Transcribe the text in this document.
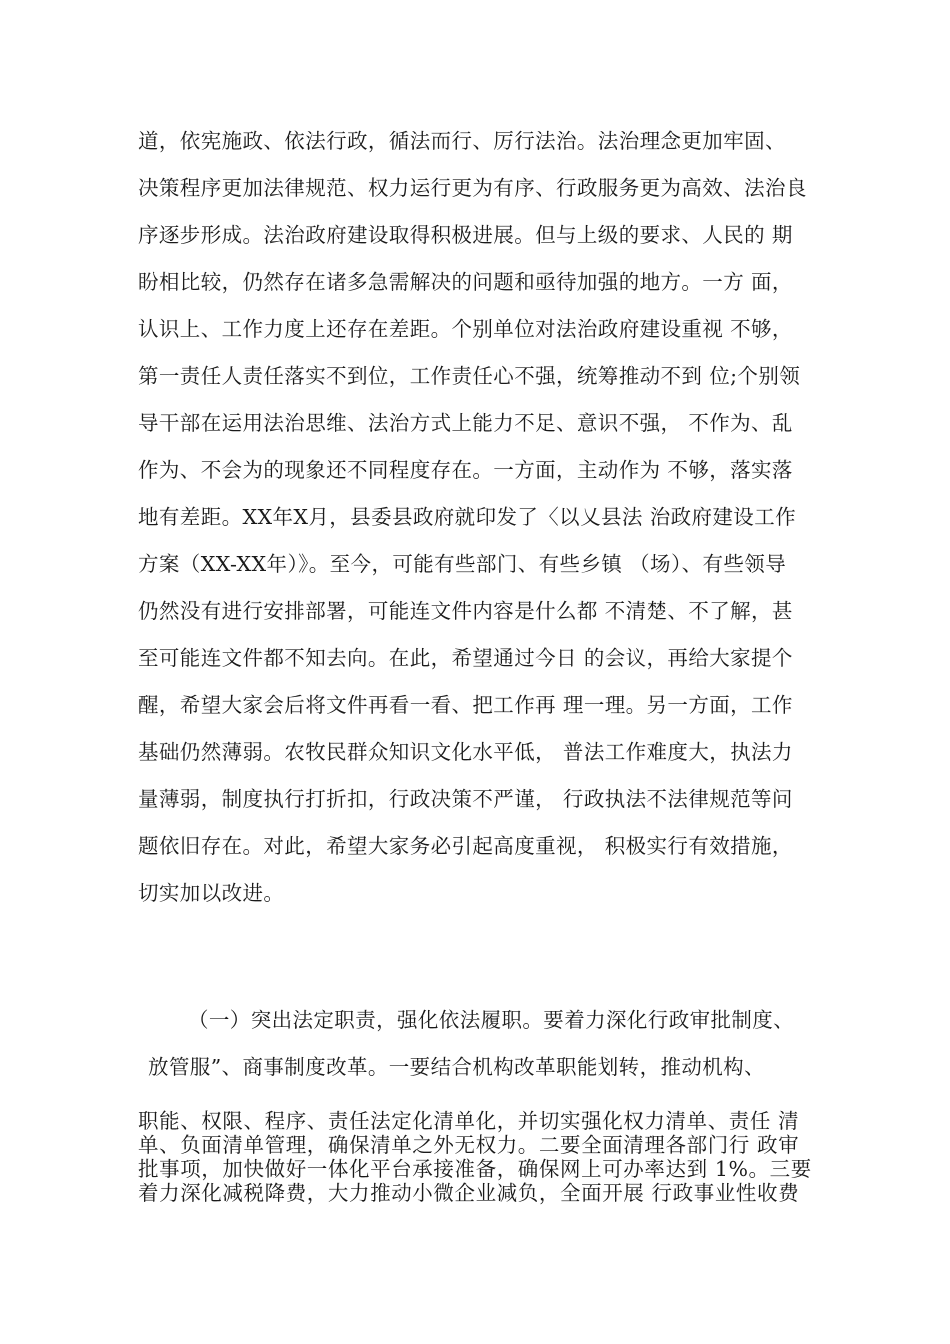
道，依宪施政、依法行政，循法而行、厉行法治。法治理念更加牢固、
决策程序更加法律规范、权力运行更为有序、行政服务更为高效、法治良
序逐步形成。法治政府建设取得积极进展。但与上级的要求、人民的 期
盼相比较，仍然存在诸多急需解决的问题和亟待加强的地方。一方 面，
认识上、工作力度上还存在差距。个别单位对法治政府建设重视 不够，
第一责任人责任落实不到位，工作责任心不强，统筹推动不到 位;个别领
导干部在运用法治思维、法治方式上能力不足、意识不强， 不作为、乱
作为、不会为的现象还不同程度存在。一方面，主动作为 不够，落实落
地有差距。XX年X月，县委县政府就印发了〈以乂县法 治政府建设工作
方案（XX-XX年）》。至今，可能有些部门、有些乡镇 （场）、有些领导
仍然没有进行安排部署，可能连文件内容是什么都 不清楚、不了解，甚
至可能连文件都不知去向。在此，希望通过今日 的会议，再给大家提个
醒，希望大家会后将文件再看一看、把工作再 理一理。另一方面，工作
基础仍然薄弱。农牧民群众知识文化水平低， 普法工作难度大，执法力
量薄弱，制度执行打折扣，行政决策不严谨， 行政执法不法律规范等问
题依旧存在。对此，希望大家务必引起高度重视， 积极实行有效措施，
切实加以改进。
（一）突出法定职责，强化依法履职。要着力深化行政审批制度、
放管服”、商事制度改革。一要结合机构改革职能划转，推动机构、
职能、权限、程序、责任法定化清单化，并切实强化权力清单、责任 清
单、负面清单管理，确保清单之外无权力。二要全面清理各部门行 政审
批事项，加快做好一体化平台承接准备，确保网上可办率达到 1%。三要
着力深化减税降费，大力推动小微企业减负，全面开展 行政事业性收费
